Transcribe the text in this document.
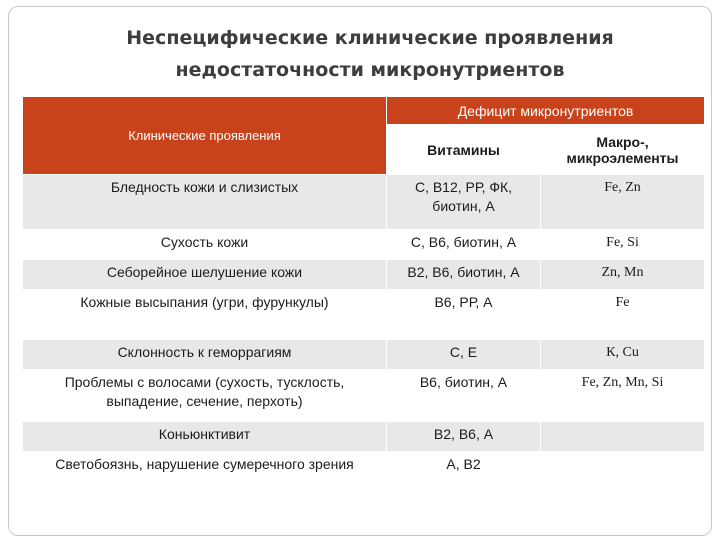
Неспецифические клинические проявления
недостаточности микронутриентов
Клинические проявления	Дефицит микронутриентов	
	Витамины	Макро-, микроэлементы
Бледность кожи и слизистых	С, В12, РР, ФК, биотин, А	Fe, Zn
Сухость кожи	С, В6, биотин, А	Fe, Si
Себорейное шелушение кожи	В2, В6, биотин, А	Zn, Mn
Кожные высыпания (угри, фурункулы)	В6, РР, А	Fe
Склонность к геморрагиям	С, Е	К, Cu
Проблемы с волосами (сухость, тусклость, выпадение, сечение, перхоть)	В6, биотин, А	Fe, Zn, Mn, Si
Коньюнктивит	В2, В6, А	
Светобоязнь, нарушение сумеречного зрения	А, В2	
